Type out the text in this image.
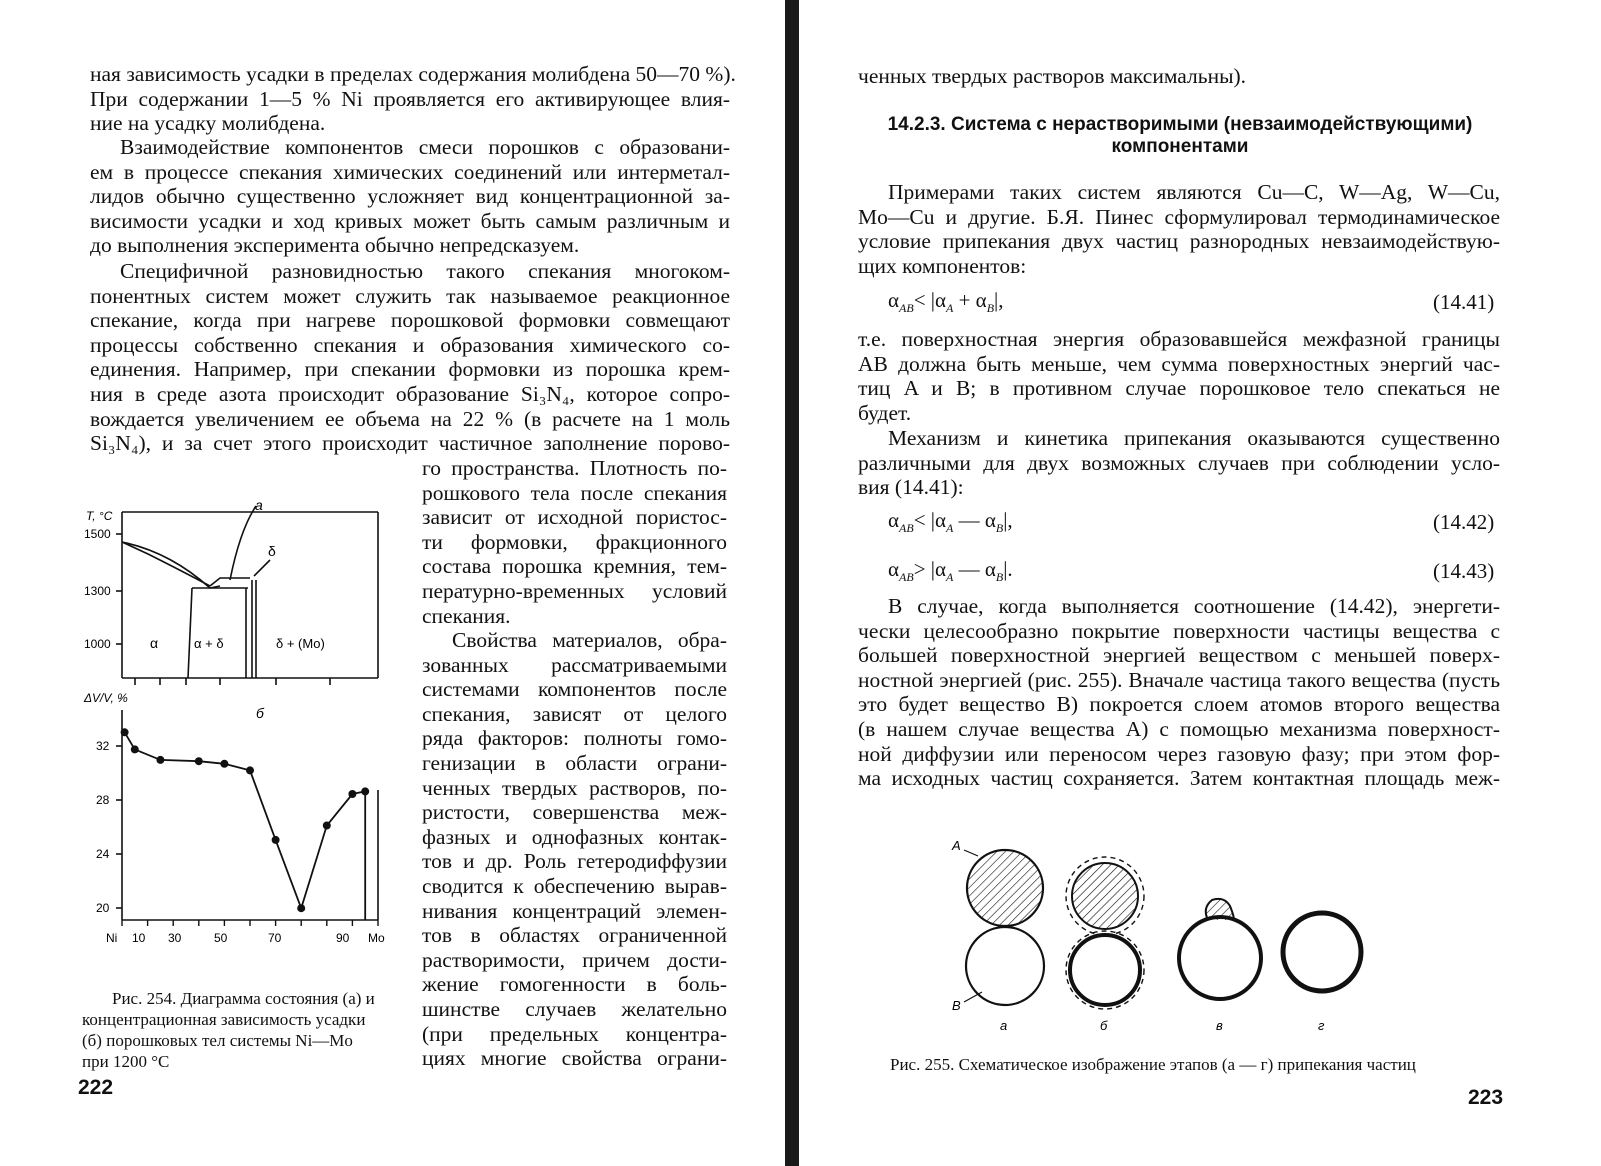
ная зависимость усадки в пределах содержания молибдена 50—70 %).
При содержании 1—5 % Ni проявляется его активирующее влия-
ние на усадку молибдена.
Взаимодействие компонентов смеси порошков с образовани-
ем в процессе спекания химических соединений или интерметал-
лидов обычно существенно усложняет вид концентрационной за-
висимости усадки и ход кривых может быть самым различным и
до выполнения эксперимента обычно непредсказуем.
Специфичной разновидностью такого спекания многоком-
понентных систем может служить так называемое реакционное
спекание, когда при нагреве порошковой формовки совмещают
процессы собственно спекания и образования химического со-
единения. Например, при спекании формовки из порошка крем-
ния в среде азота происходит образование Si₃N₄, которое сопро-
вождается увеличением ее объема на 22 % (в расчете на 1 моль
Si₃N₄), и за счет этого происходит частичное заполнение порово-
го пространства. Плотность по-
рошкового тела после спекания
зависит от исходной пористос-
ти формовки, фракционного
состава порошка кремния, тем-
пературно-временных условий
спекания.
Свойства материалов, обра-
зованных рассматриваемыми
системами компонентов после
спекания, зависят от целого
ряда факторов: полноты гомо-
генизации в области ограни-
ченных твердых растворов, по-
ристости, совершенства меж-
фазных и однофазных контак-
тов и др. Роль гетеродиффузии
сводится к обеспечению вырав-
нивания концентраций элемен-
тов в областях ограниченной
растворимости, причем дости-
жение гомогенности в боль-
шинстве случаев желательно
(при предельных концентра-
циях многие свойства ограни-
а
δ
T, °C
1500
1300
1000	α	α + δ	δ + (Mo)
ΔV/V, %
б
32
28
24
20
Ni 10 30	50	70	90 Mo
Рис. 254. Диаграмма состояния (а) и
концентрационная зависимость усадки
(б) порошковых тел системы Ni—Mo
при 1200 °C
222
ченных твердых растворов максимальны).
14.2.3. Система с нерастворимыми (невзаимодействующими)
компонентами
Примерами таких систем являются Cu—C, W—Ag, W—Cu,
Mo—Cu и другие. Б.Я. Пинес сформулировал термодинамическое
условие припекания двух частиц разнородных невзаимодействую-
щих компонентов:
$\alpha_{AB}< |\alpha_A + \alpha_B|$,	(14.41)
т.е. поверхностная энергия образовавшейся межфазной границы
AB должна быть меньше, чем сумма поверхностных энергий час-
тиц A и B; в противном случае порошковое тело спекаться не
будет.
Механизм и кинетика припекания оказываются существенно
различными для двух возможных случаев при соблюдении усло-
вия (14.41):
$\alpha_{AB}< |\alpha_A$ — $\alpha_B|$,	(14.42)
$\alpha_{AB}> |\alpha_A$ — $\alpha_B|$.	(14.43)
В случае, когда выполняется соотношение (14.42), энергети-
чески целесообразно покрытие поверхности частицы вещества с
большей поверхностной энергией веществом с меньшей поверх-
ностной энергией (рис. 255). Вначале частица такого вещества (пусть
это будет вещество B) покроется слоем атомов второго вещества
(в нашем случае вещества A) с помощью механизма поверхност-
ной диффузии или переносом через газовую фазу; при этом фор-
ма исходных частиц сохраняется. Затем контактная площадь меж-
A
B
а	б	в	г
Рис. 255. Схематическое изображение этапов (а — г) припекания частиц
223
